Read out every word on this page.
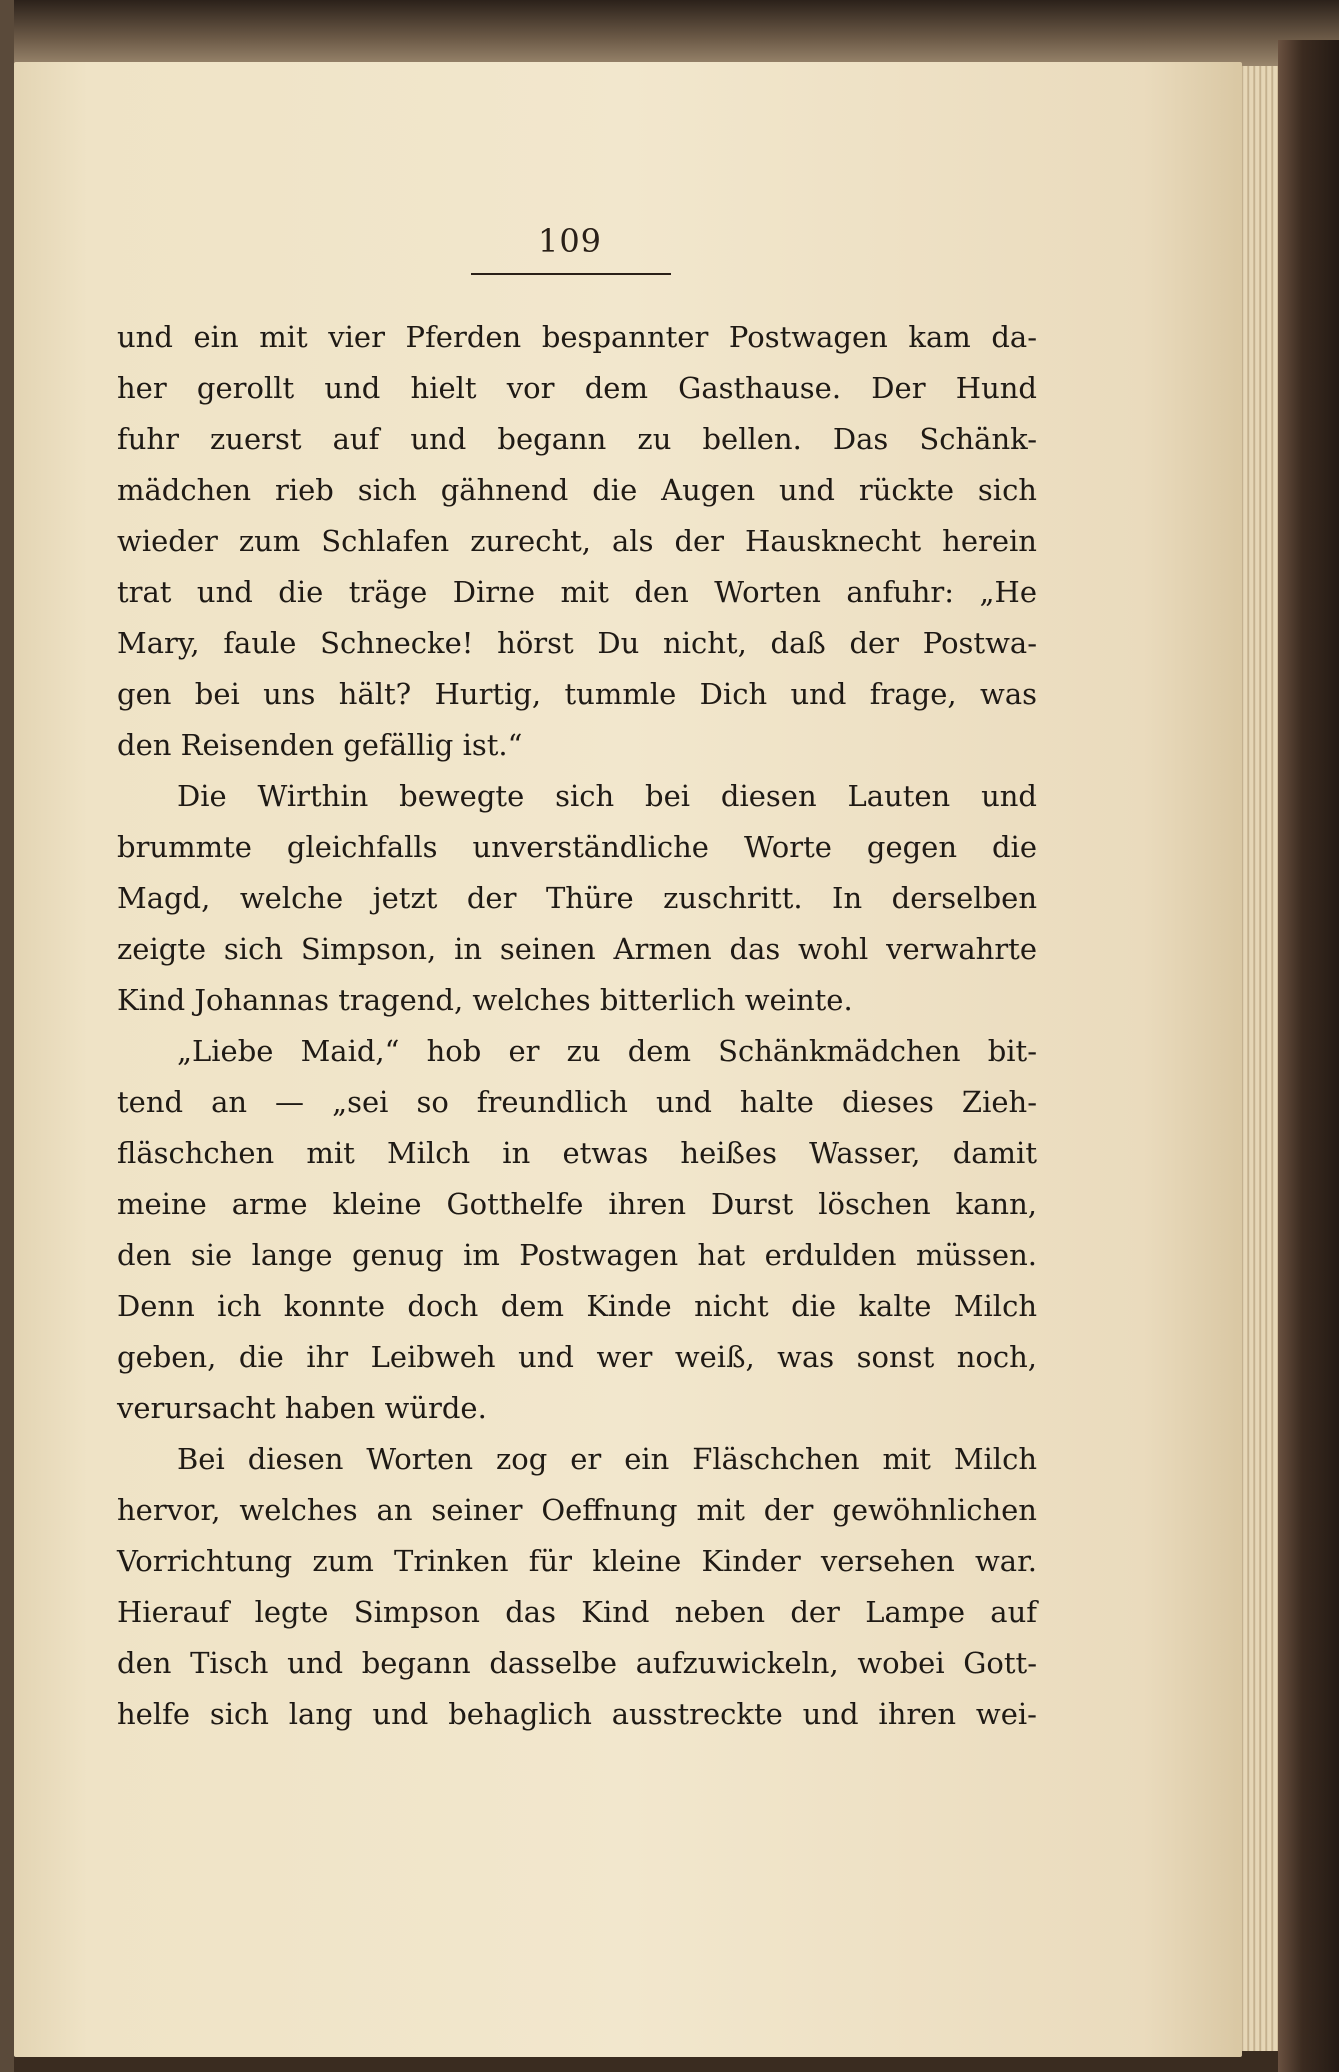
109
und ein mit vier Pferden bespannter Postwagen kam da-
her gerollt und hielt vor dem Gasthause. Der Hund
fuhr zuerst auf und begann zu bellen. Das Schänk-
mädchen rieb sich gähnend die Augen und rückte sich
wieder zum Schlafen zurecht, als der Hausknecht herein
trat und die träge Dirne mit den Worten anfuhr: „He
Mary, faule Schnecke! hörst Du nicht, daß der Postwa-
gen bei uns hält? Hurtig, tummle Dich und frage, was
den Reisenden gefällig ist.“
Die Wirthin bewegte sich bei diesen Lauten und
brummte gleichfalls unverständliche Worte gegen die
Magd, welche jetzt der Thüre zuschritt. In derselben
zeigte sich Simpson, in seinen Armen das wohl verwahrte
Kind Johannas tragend, welches bitterlich weinte.
„Liebe Maid,“ hob er zu dem Schänkmädchen bit-
tend an — „sei so freundlich und halte dieses Zieh-
fläschchen mit Milch in etwas heißes Wasser, damit
meine arme kleine Gotthelfe ihren Durst löschen kann,
den sie lange genug im Postwagen hat erdulden müssen.
Denn ich konnte doch dem Kinde nicht die kalte Milch
geben, die ihr Leibweh und wer weiß, was sonst noch,
verursacht haben würde.
Bei diesen Worten zog er ein Fläschchen mit Milch
hervor, welches an seiner Oeffnung mit der gewöhnlichen
Vorrichtung zum Trinken für kleine Kinder versehen war.
Hierauf legte Simpson das Kind neben der Lampe auf
den Tisch und begann dasselbe aufzuwickeln, wobei Gott-
helfe sich lang und behaglich ausstreckte und ihren wei-
